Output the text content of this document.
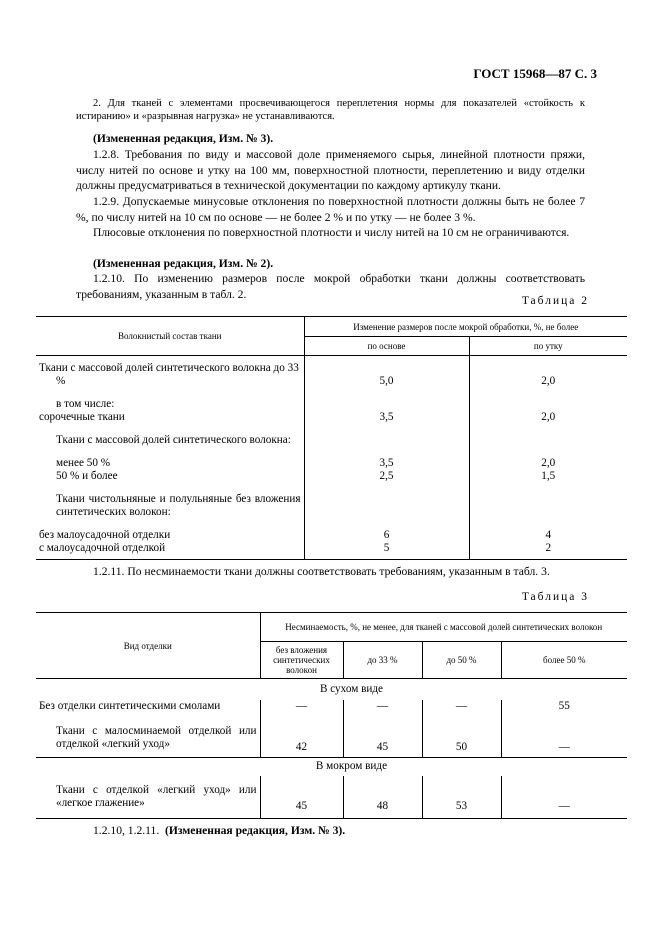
ГОСТ 15968—87 С. 3
2. Для тканей с элементами просвечивающегося переплетения нормы для показателей «стойкость к истиранию» и «разрывная нагрузка» не устанавливаются.
(Измененная редакция, Изм. № 3).
1.2.8. Требования по виду и массовой доле применяемого сырья, линейной плотности пряжи, числу нитей по основе и утку на 100 мм, поверхностной плотности, переплетению и виду отделки должны предусматриваться в технической документации по каждому артикулу ткани.
1.2.9. Допускаемые минусовые отклонения по поверхностной плотности должны быть не более 7 %, по числу нитей на 10 см по основе — не более 2 % и по утку — не более 3 %.
Плюсовые отклонения по поверхностной плотности и числу нитей на 10 см не ограничиваются.
(Измененная редакция, Изм. № 2).
1.2.10. По изменению размеров после мокрой обработки ткани должны соответствовать требованиям, указанным в табл. 2.
Таблица 2
Волокнистый состав ткани	Изменение размеров после мокрой обработки, %, не более	
	по основе	по утку
Ткани с массовой долей синтетического волокна до 33 %	5,0	2,0
в том числе:		
сорочечные ткани	3,5	2,0
Ткани с массовой долей синтетического волокна:		
менее 50 %	3,5	2,0
50 % и более	2,5	1,5
Ткани чистольняные и полульняные без вложения синтетических волокон:		
без малоусадочной отделки	6	4
с малоусадочной отделкой	5	2
1.2.11. По несминаемости ткани должны соответствовать требованиям, указанным в табл. 3.
Таблица 3
Вид отделки	Несминаемость, %, не менее, для тканей с массовой долей синтетических волокон			
	без вложения синтетических волокон	до 33 %	до 50 %	более 50 %
В сухом виде				
Без отделки синтетическими смолами	—	—	—	55
Ткани с малосминаемой отделкой или отделкой «легкий уход»	42	45	50	—
В мокром виде				
Ткани с отделкой «легкий уход» или «легкое глажение»	45	48	53	—
1.2.10, 1.2.11. (Измененная редакция, Изм. № 3).
